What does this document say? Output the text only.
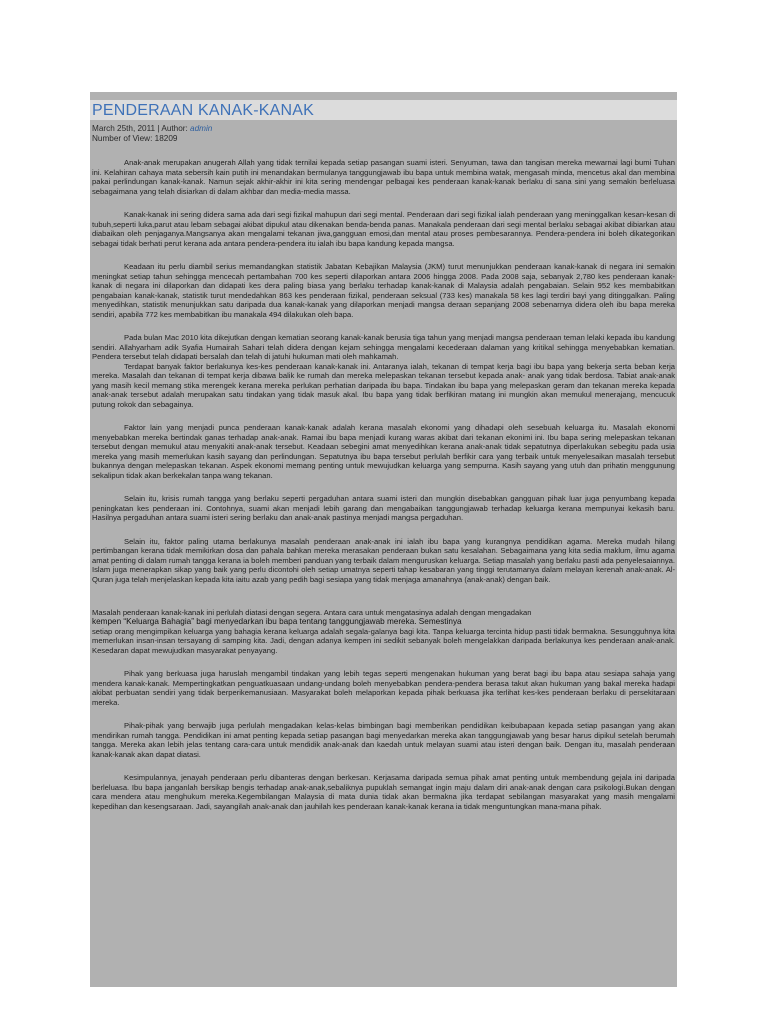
PENDERAAN KANAK-KANAK
March 25th, 2011 | Author: admin
Number of View: 18209

Anak-anak merupakan anugerah Allah yang tidak ternilai kepada setiap pasangan suami isteri. Senyuman, tawa dan tangisan mereka mewarnai lagi bumi Tuhan ini. Kelahiran cahaya mata sebersih kain putih ini menandakan bermulanya tanggungjawab ibu bapa untuk membina watak, mengasah minda, mencetus akal dan membina pakai perlindungan kanak-kanak. Namun sejak akhir-akhir ini kita sering mendengar pelbagai kes penderaan kanak-kanak berlaku di sana sini yang semakin berleluasa sebagaimana yang telah disiarkan di dalam akhbar dan media-media massa.

Kanak-kanak ini sering didera sama ada dari segi fizikal mahupun dari segi mental. Penderaan dari segi fizikal ialah penderaan yang meninggalkan kesan-kesan di tubuh,seperti luka,parut atau lebam sebagai akibat dipukul atau dikenakan benda-benda panas. Manakala penderaan dari segi mental berlaku sebagai akibat dibiarkan atau diabaikan oleh penjaganya.Mangsanya akan mengalami tekanan jiwa,gangguan emosi,dan mental atau proses pembesarannya. Pendera-pendera ini boleh dikategorikan sebagai tidak berhati perut kerana ada antara pendera-pendera itu ialah ibu bapa kandung kepada mangsa.

Keadaan itu perlu diambil serius memandangkan statistik Jabatan Kebajikan Malaysia (JKM) turut menunjukkan penderaan kanak-kanak di negara ini semakin meningkat setiap tahun sehingga mencecah pertambahan 700 kes seperti dilaporkan antara 2006 hingga 2008. Pada 2008 saja, sebanyak 2,780 kes penderaan kanak-kanak di negara ini dilaporkan dan didapati kes dera paling biasa yang berlaku terhadap kanak-kanak di Malaysia adalah pengabaian. Selain 952 kes membabitkan pengabaian kanak-kanak, statistik turut mendedahkan 863 kes penderaan fizikal, penderaan seksual (733 kes) manakala 58 kes lagi terdiri bayi yang ditinggalkan. Paling menyedihkan, statistik menunjukkan satu daripada dua kanak-kanak yang dilaporkan menjadi mangsa deraan sepanjang 2008 sebenarnya didera oleh ibu bapa mereka sendiri, apabila 772 kes membabitkan ibu manakala 494 dilakukan oleh bapa.

Pada bulan Mac 2010 kita dikejutkan dengan kematian seorang kanak-kanak berusia tiga tahun yang menjadi mangsa penderaan teman lelaki kepada ibu kandung sendiri. Allahyarham adik Syafia Humairah Sahari telah didera dengan kejam sehingga mengalami kecederaan dalaman yang kritikal sehingga menyebabkan kematian. Pendera tersebut telah didapati bersalah dan telah di jatuhi hukuman mati oleh mahkamah.

Terdapat banyak faktor berlakunya kes-kes penderaan kanak-kanak ini. Antaranya ialah, tekanan di tempat kerja bagi ibu bapa yang bekerja serta beban kerja mereka. Masalah dan tekanan di tempat kerja dibawa balik ke rumah dan mereka melepaskan tekanan tersebut kepada anak- anak yang tidak berdosa. Tabiat anak-anak yang masih kecil memang stika merengek kerana mereka perlukan perhatian daripada ibu bapa. Tindakan ibu bapa yang melepaskan geram dan tekanan mereka kepada anak-anak tersebut adalah merupakan satu tindakan yang tidak masuk akal. Ibu bapa yang tidak berfikiran matang ini mungkin akan memukul menerajang, mencucuk putung rokok dan sebagainya.

Faktor lain yang menjadi punca penderaan kanak-kanak adalah kerana masalah ekonomi yang dihadapi oleh sesebuah keluarga itu. Masalah ekonomi menyebabkan mereka bertindak ganas terhadap anak-anak. Ramai ibu bapa menjadi kurang waras akibat dari tekanan ekonimi ini. Ibu bapa sering melepaskan tekanan tersebut dengan memukul atau menyakiti anak-anak tersebut. Keadaan sebegini amat menyedihkan kerana anak-anak tidak sepatutnya diperlakukan sebegitu pada usia mereka yang masih memerlukan kasih sayang dan perlindungan. Sepatutnya ibu bapa tersebut perlulah berfikir cara yang terbaik untuk menyelesaikan masalah tersebut bukannya dengan melepaskan tekanan. Aspek ekonomi memang penting untuk mewujudkan keluarga yang sempurna. Kasih sayang yang utuh dan prihatin menggunung sekalipun tidak akan berkekalan tanpa wang tekanan.

Selain itu, krisis rumah tangga yang berlaku seperti pergaduhan antara suami isteri dan mungkin disebabkan gangguan pihak luar juga penyumbang kepada peningkatan kes penderaan ini. Contohnya, suami akan menjadi lebih garang dan mengabaikan tanggungjawab terhadap keluarga kerana mempunyai kekasih baru. Hasilnya pergaduhan antara suami isteri sering berlaku dan anak-anak pastinya menjadi mangsa pergaduhan.

Selain itu, faktor paling utama berlakunya masalah penderaan anak-anak ini ialah ibu bapa yang kurangnya pendidikan agama. Mereka mudah hilang pertimbangan kerana tidak memikirkan dosa dan pahala bahkan mereka merasakan penderaan bukan satu kesalahan. Sebagaimana yang kita sedia maklum, ilmu agama amat penting di dalam rumah tangga kerana ia boleh memberi panduan yang terbaik dalam menguruskan keluarga. Setiap masalah yang berlaku pasti ada penyelesaiannya. Islam juga menerapkan sikap yang baik yang perlu dicontohi oleh setiap umatnya seperti tahap kesabaran yang tinggi terutamanya dalam melayan kerenah anak-anak. Al-Quran juga telah menjelaskan kepada kita iaitu azab yang pedih bagi sesiapa yang tidak menjaga amanahnya (anak-anak) dengan baik.

Masalah penderaan kanak-kanak ini perlulah diatasi dengan segera. Antara cara untuk mengatasinya adalah dengan mengadakan
kempen “Keluarga Bahagia” bagi menyedarkan ibu bapa tentang tanggungjawab mereka. Semestinya
setiap orang mengimpikan keluarga yang bahagia kerana keluarga adalah segala-galanya bagi kita. Tanpa keluarga tercinta hidup pasti tidak bermakna. Sesungguhnya kita memerlukan insan-insan tersayang di samping kita. Jadi, dengan adanya kempen ini sedikit sebanyak boleh mengelakkan daripada berlakunya kes penderaan anak-anak. Kesedaran dapat mewujudkan masyarakat penyayang.

Pihak yang berkuasa juga haruslah mengambil tindakan yang lebih tegas seperti mengenakan hukuman yang berat bagi ibu bapa atau sesiapa sahaja yang mendera kanak-kanak. Mempertingkatkan penguatkuasaan undang-undang boleh menyebabkan pendera-pendera berasa takut akan hukuman yang bakal mereka hadapi akibat perbuatan sendiri yang tidak berperikemanusiaan. Masyarakat boleh melaporkan kepada pihak berkuasa jika terlihat kes-kes penderaan berlaku di persekitaraan mereka.

Pihak-pihak yang berwajib juga perlulah mengadakan kelas-kelas bimbingan bagi memberikan pendidikan keibubapaan kepada setiap pasangan yang akan mendirikan rumah tangga. Pendidikan ini amat penting kepada setiap pasangan bagi menyedarkan mereka akan tanggungjawab yang besar harus dipikul setelah berumah tangga. Mereka akan lebih jelas tentang cara-cara untuk mendidik anak-anak dan kaedah untuk melayan suami atau isteri dengan baik. Dengan itu, masalah penderaan kanak-kanak akan dapat diatasi.

Kesimpulannya, jenayah penderaan perlu dibanteras dengan berkesan. Kerjasama daripada semua pihak amat penting untuk membendung gejala ini daripada berleluasa. Ibu bapa janganlah bersikap bengis terhadap anak-anak,sebaliknya pupuklah semangat ingin maju dalam diri anak-anak dengan cara psikologi.Bukan dengan cara mendera atau menghukum mereka.Kegembilangan Malaysia di mata dunia tidak akan bermakna jika terdapat sebilangan masyarakat yang masih mengalami kepedihan dan kesengsaraan. Jadi, sayangilah anak-anak dan jauhilah kes penderaan kanak-kanak kerana ia tidak menguntungkan mana-mana pihak.
